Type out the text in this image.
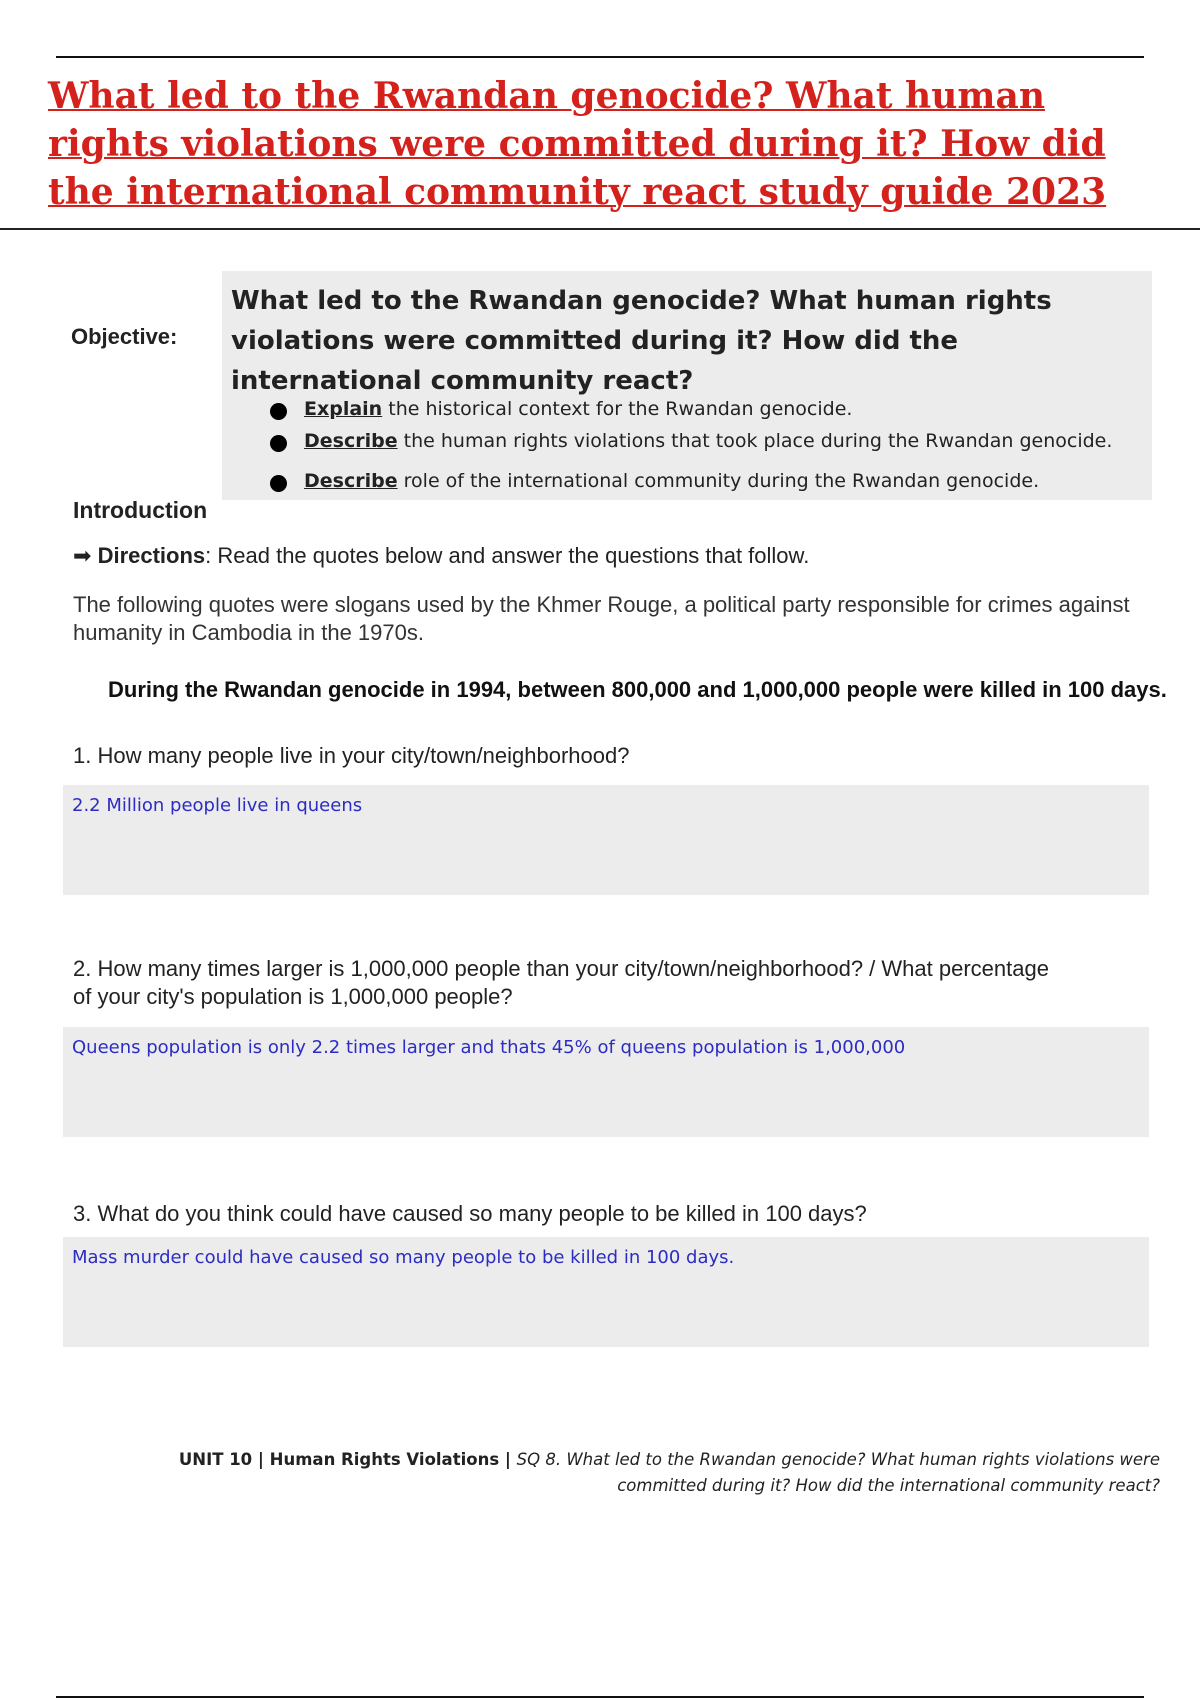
What led to the Rwandan genocide? What human rights violations were committed during it? How did the international community react study guide 2023
Objective:

What led to the Rwandan genocide? What human rights violations were committed during it? How did the international community react?

Explain the historical context for the Rwandan genocide.
Describe the human rights violations that took place during the Rwandan genocide.
Describe role of the international community during the Rwandan genocide.
Introduction
➡ Directions: Read the quotes below and answer the questions that follow.

The following quotes were slogans used by the Khmer Rouge, a political party responsible for crimes against humanity in Cambodia in the 1970s.

During the Rwandan genocide in 1994, between 800,000 and 1,000,000 people were killed in 100 days.

1. How many people live in your city/town/neighborhood?

2.2 Million people live in queens

2. How many times larger is 1,000,000 people than your city/town/neighborhood? / What percentage of your city's population is 1,000,000 people?

Queens population is only 2.2 times larger and thats 45% of queens population is 1,000,000

3. What do you think could have caused so many people to be killed in 100 days?

Mass murder could have caused so many people to be killed in 100 days.

UNIT 10 | Human Rights Violations | SQ 8. What led to the Rwandan genocide? What human rights violations were committed during it? How did the international community react?
